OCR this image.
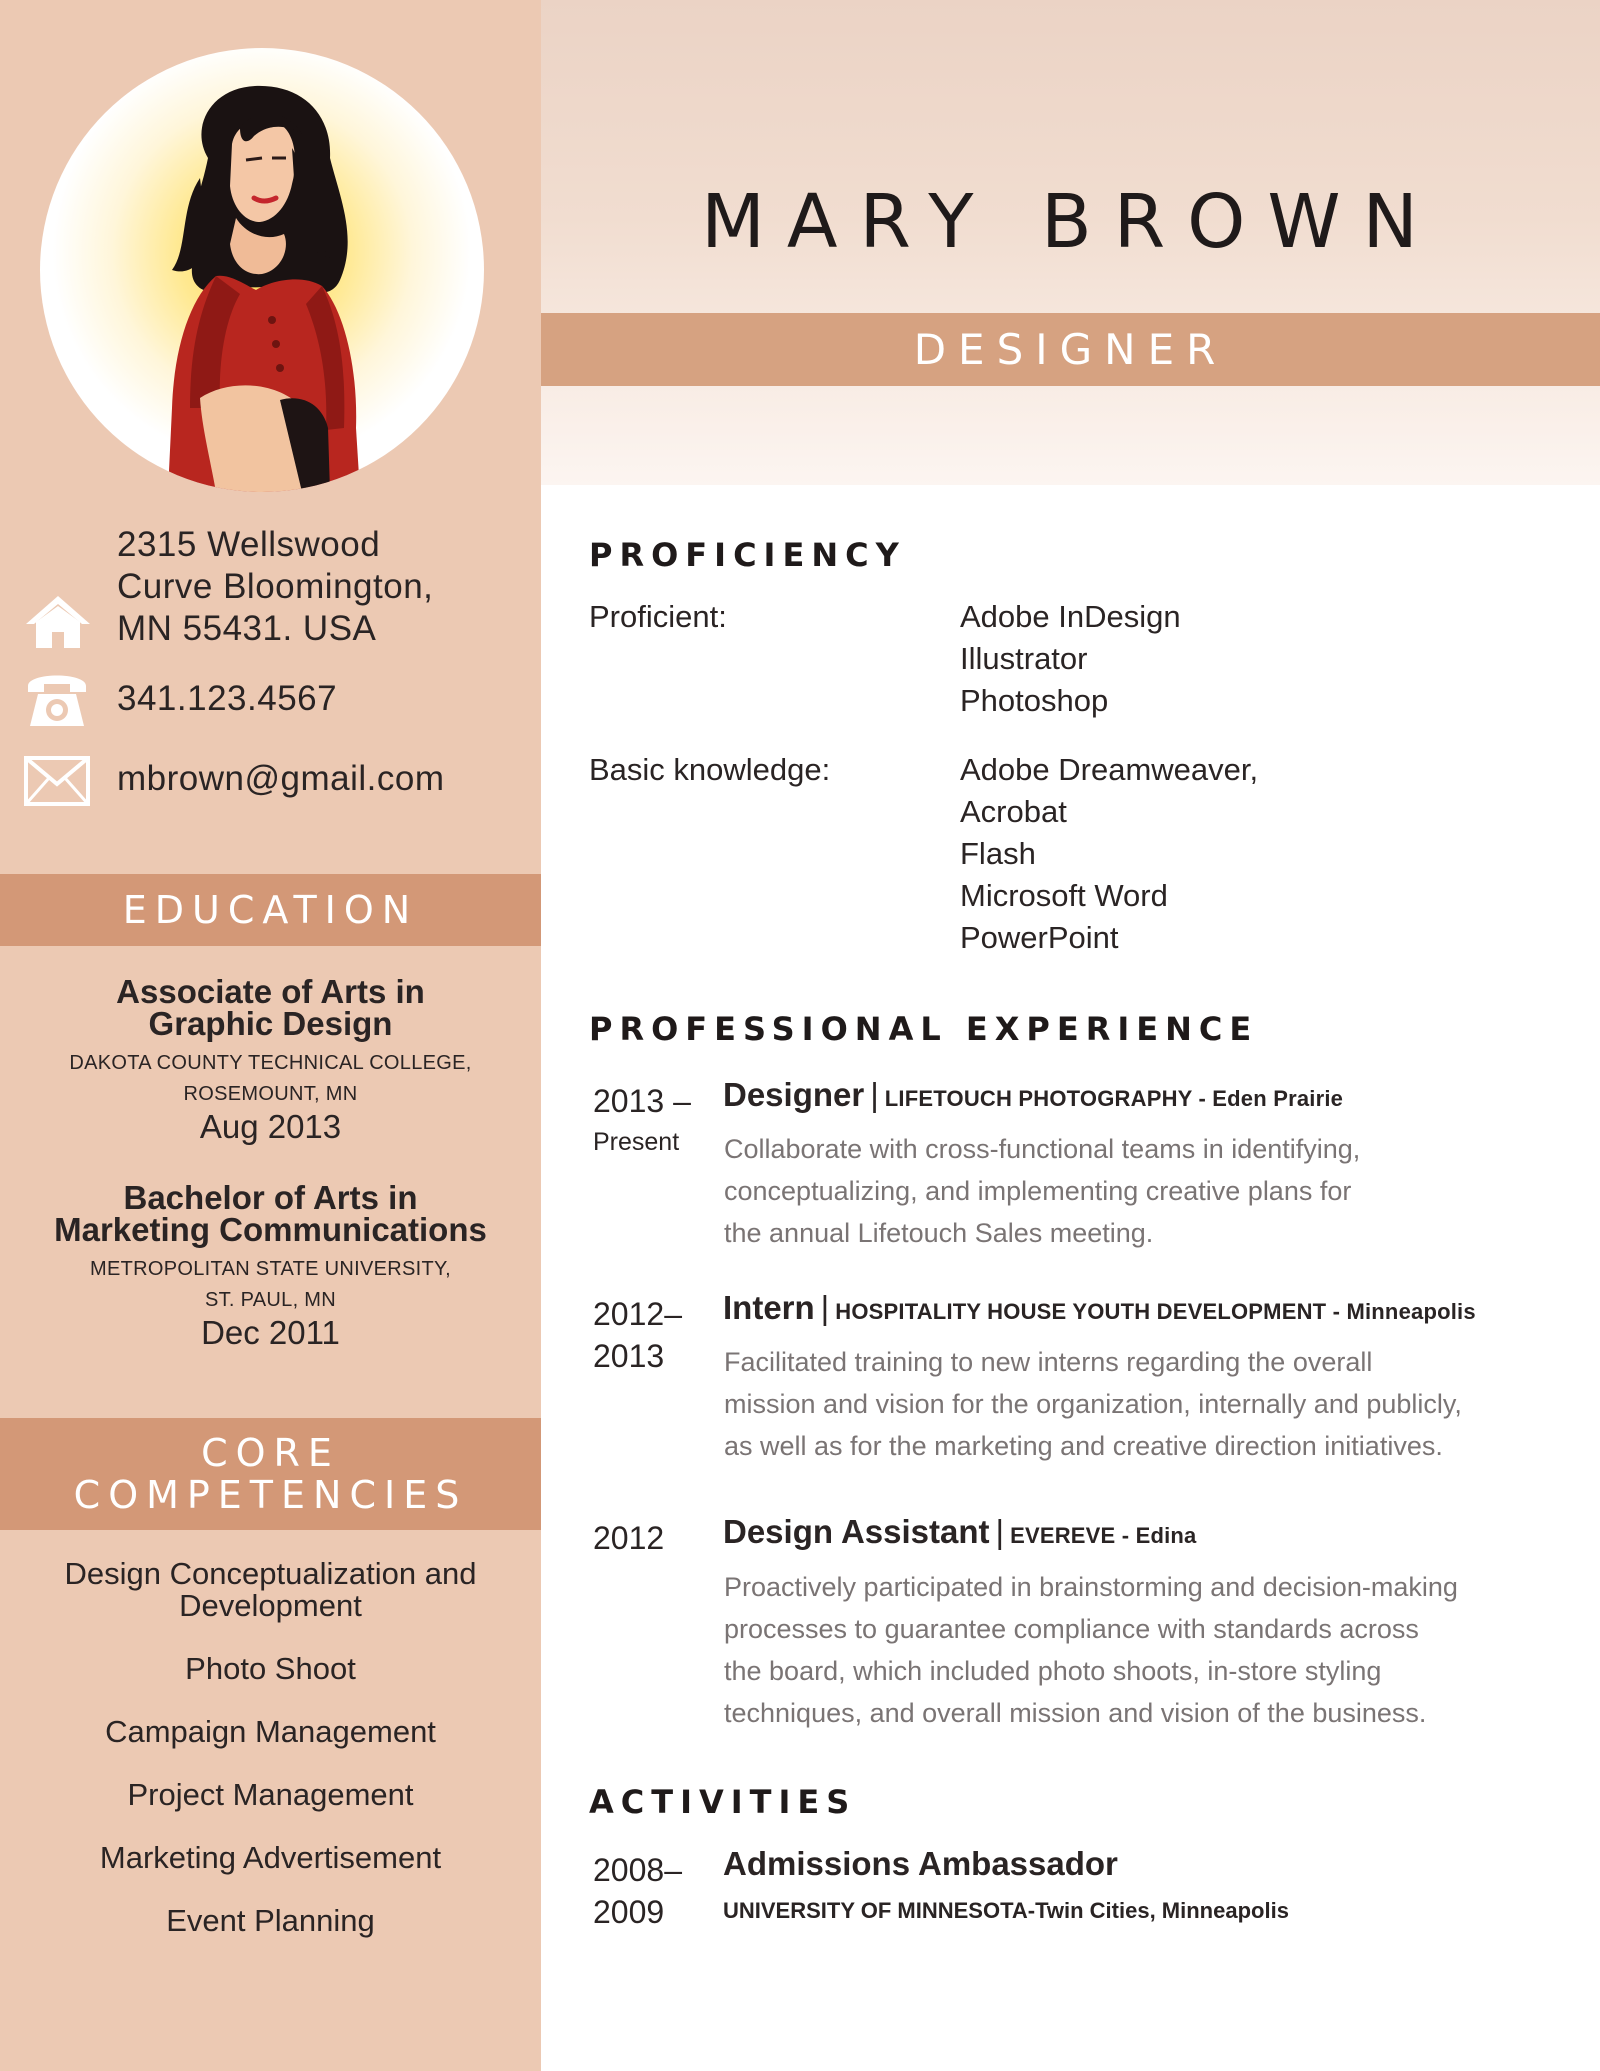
2315 Wellswood
Curve Bloomington,
MN 55431. USA
341.123.4567
mbrown@gmail.com
EDUCATION
Associate of Arts in
Graphic Design
DAKOTA COUNTY TECHNICAL COLLEGE,
ROSEMOUNT, MN
Aug 2013
Bachelor of Arts in
Marketing Communications
METROPOLITAN STATE UNIVERSITY,
ST. PAUL, MN
Dec 2011
CORE
COMPETENCIES
Design Conceptualization and Development
Photo Shoot
Campaign Management
Project Management
Marketing Advertisement
Event Planning
MARY BROWN
DESIGNER
PROFICIENCY
Proficient:	Adobe InDesign
Illustrator
Photoshop
Basic knowledge:	Adobe Dreamweaver,
Acrobat
Flash
Microsoft Word
PowerPoint
PROFESSIONAL EXPERIENCE
2013 –
Present
Designer | LIFETOUCH PHOTOGRAPHY - Eden Prairie
Collaborate with cross-functional teams in identifying,
conceptualizing, and implementing creative plans for
the annual Lifetouch Sales meeting.
2012–
2013
Intern | HOSPITALITY HOUSE YOUTH DEVELOPMENT - Minneapolis
Facilitated training to new interns regarding the overall
mission and vision for the organization, internally and publicly,
as well as for the marketing and creative direction initiatives.
2012 Design Assistant | EVEREVE - Edina
Proactively participated in brainstorming and decision-making
processes to guarantee compliance with standards across
the board, which included photo shoots, in-store styling
techniques, and overall mission and vision of the business.
ACTIVITIES
2008–
2009
Admissions Ambassador
UNIVERSITY OF MINNESOTA-Twin Cities, Minneapolis
